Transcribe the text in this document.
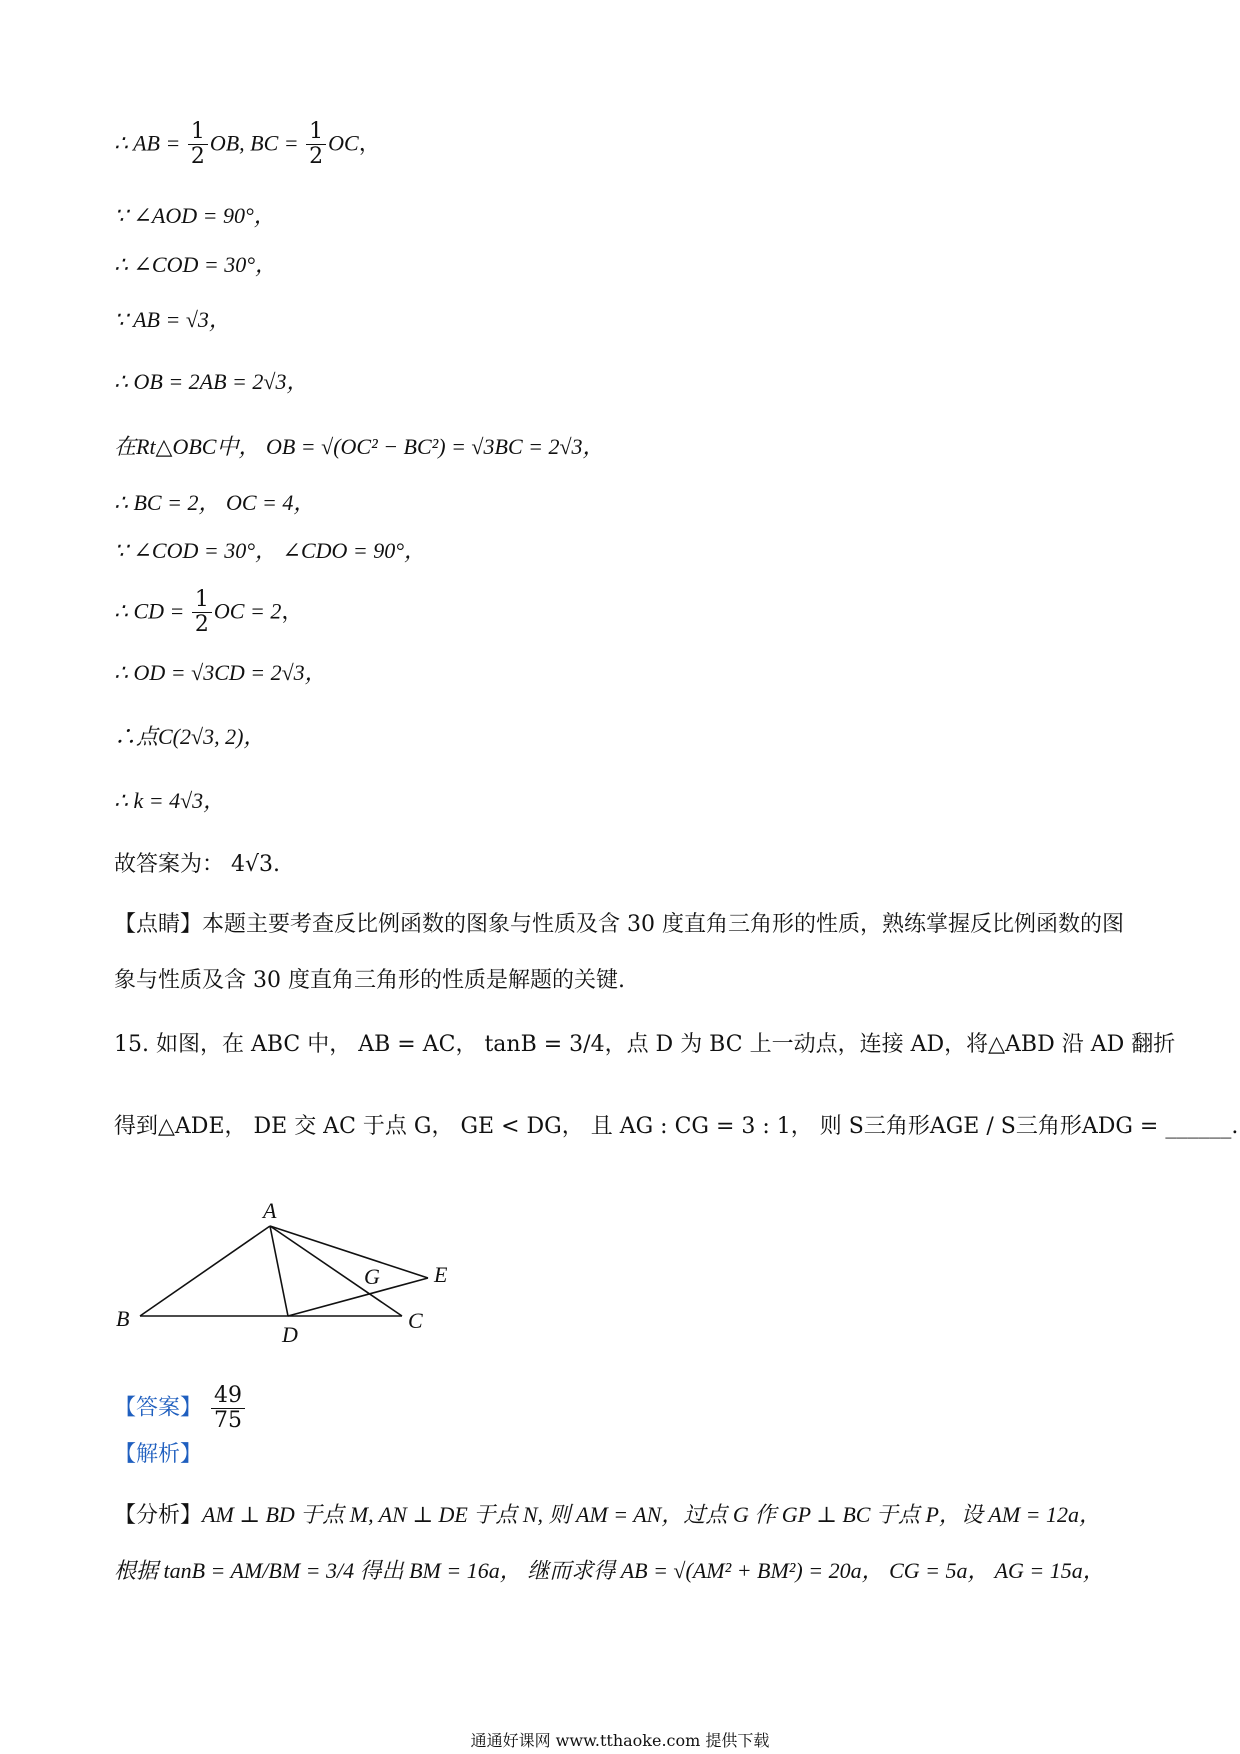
∴ AB = $\frac{1}{2}$ OB, BC = $\frac{1}{2}$ OC，
∵ ∠AOD = 90°，
∴ ∠COD = 30°，
∵ AB = √3，
∴ OB = 2AB = 2√3，
在Rt△OBC中， OB = √(OC² − BC²) = √3BC = 2√3，
∴ BC = 2， OC = 4，
∵ ∠COD = 30°， ∠CDO = 90°，
∴ CD = $\frac{1}{2}$ OC = 2，
∴ OD = √3CD = 2√3，
∴点C(2√3, 2)，
∴ k = 4√3，
故答案为： 4√3.
【点睛】本题主要考查反比例函数的图象与性质及含 30 度直角三角形的性质，熟练掌握反比例函数的图
象与性质及含 30 度直角三角形的性质是解题的关键.
15. 如图，在 ABC 中， AB = AC， tanB = 3/4，点 D 为 BC 上一动点，连接 AD，将△ABD 沿 AD 翻折
得到△ADE， DE 交 AC 于点 G， GE < DG， 且 AG : CG = 3 : 1， 则 S三角形AGE / S三角形ADG = ______.
A
B	C
D
E
G
【答案】 $\frac{49}{75}$
【解析】
【分析】AM ⊥ BD 于点 M, AN ⊥ DE 于点 N, 则 AM = AN，过点 G 作 GP ⊥ BC 于点 P，设 AM = 12a，
根据 tanB = AM/BM = 3/4 得出 BM = 16a， 继而求得 AB = √(AM² + BM²) = 20a， CG = 5a， AG = 15a，
通通好课网 www.tthaoke.com 提供下载
